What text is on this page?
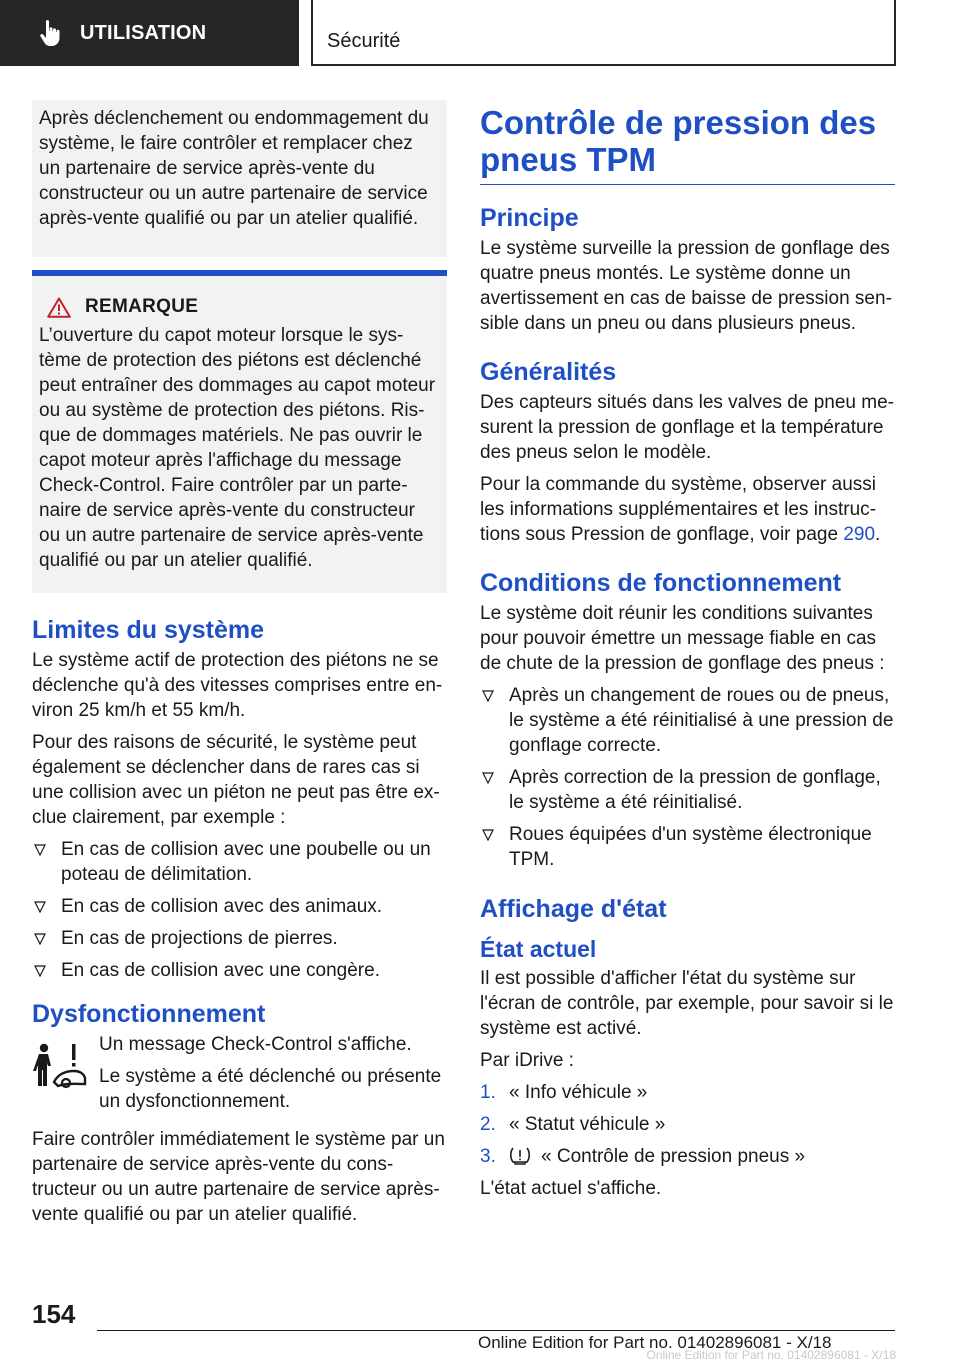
UTILISATION	Sécurité

Après déclenchement ou endommagement du système, le faire contrôler et remplacer chez un partenaire de service après-vente du constructeur ou un autre partenaire de service après-vente qualifié ou par un atelier qualifié.

REMARQUE

L’ouverture du capot moteur lorsque le système de protection des piétons est déclenché peut entraîner des dommages au capot moteur ou au système de protection des piétons. Risque de dommages matériels. Ne pas ouvrir le capot moteur après l'affichage du message Check-Control. Faire contrôler par un partenaire de service après-vente du constructeur ou un autre partenaire de service après-vente qualifié ou par un atelier qualifié.

Limites du système

Le système actif de protection des piétons ne se déclenche qu'à des vitesses comprises entre environ 25 km/h et 55 km/h.

Pour des raisons de sécurité, le système peut également se déclencher dans de rares cas si une collision avec un piéton ne peut pas être exclue clairement, par exemple :

En cas de collision avec une poubelle ou un poteau de délimitation.
En cas de collision avec des animaux.
En cas de projections de pierres.
En cas de collision avec une congère.
Dysfonctionnement

Un message Check-Control s'affiche.

Le système a été déclenché ou présente un dysfonctionnement.

Faire contrôler immédiatement le système par un partenaire de service après-vente du constructeur ou un autre partenaire de service après-vente qualifié ou par un atelier qualifié.

Contrôle de pression des pneus TPM
Principe

Le système surveille la pression de gonflage des quatre pneus montés. Le système donne un avertissement en cas de baisse de pression sensible dans un pneu ou dans plusieurs pneus.

Généralités

Des capteurs situés dans les valves de pneu mesurent la pression de gonflage et la température des pneus selon le modèle.

Pour la commande du système, observer aussi les informations supplémentaires et les instructions sous Pression de gonflage, voir page 290.

Conditions de fonctionnement

Le système doit réunir les conditions suivantes pour pouvoir émettre un message fiable en cas de chute de la pression de gonflage des pneus :

Après un changement de roues ou de pneus, le système a été réinitialisé à une pression de gonflage correcte.
Après correction de la pression de gonflage, le système a été réinitialisé.
Roues équipées d'un système électronique TPM.
Affichage d'état
État actuel

Il est possible d'afficher l'état du système sur l'écran de contrôle, par exemple, pour savoir si le système est activé.

Par iDrive :

1. « Info véhicule »
2. « Statut véhicule »
3. « Contrôle de pression pneus »

L'état actuel s'affiche.

154
Online Edition for Part no. 01402896081 - X/18
Online Edition for Part no. 01402896081 - X/18
